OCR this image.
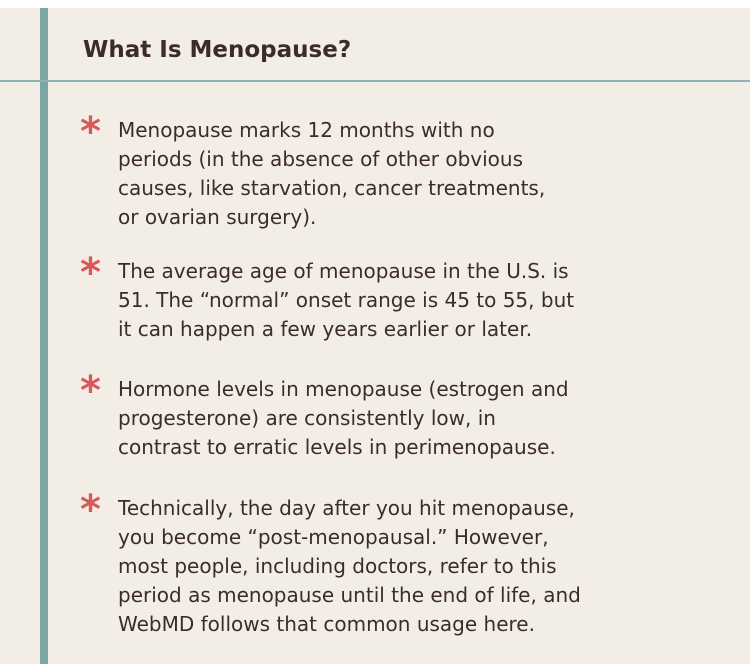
What Is Menopause?
* Menopause marks 12 months with no
periods (in the absence of other obvious
causes, like starvation, cancer treatments,
or ovarian surgery).

* The average age of menopause in the U.S. is
51. The “normal” onset range is 45 to 55, but
it can happen a few years earlier or later.

* Hormone levels in menopause (estrogen and
progesterone) are consistently low, in
contrast to erratic levels in perimenopause.

* Technically, the day after you hit menopause,
you become “post-menopausal.” However,
most people, including doctors, refer to this
period as menopause until the end of life, and
WebMD follows that common usage here.
